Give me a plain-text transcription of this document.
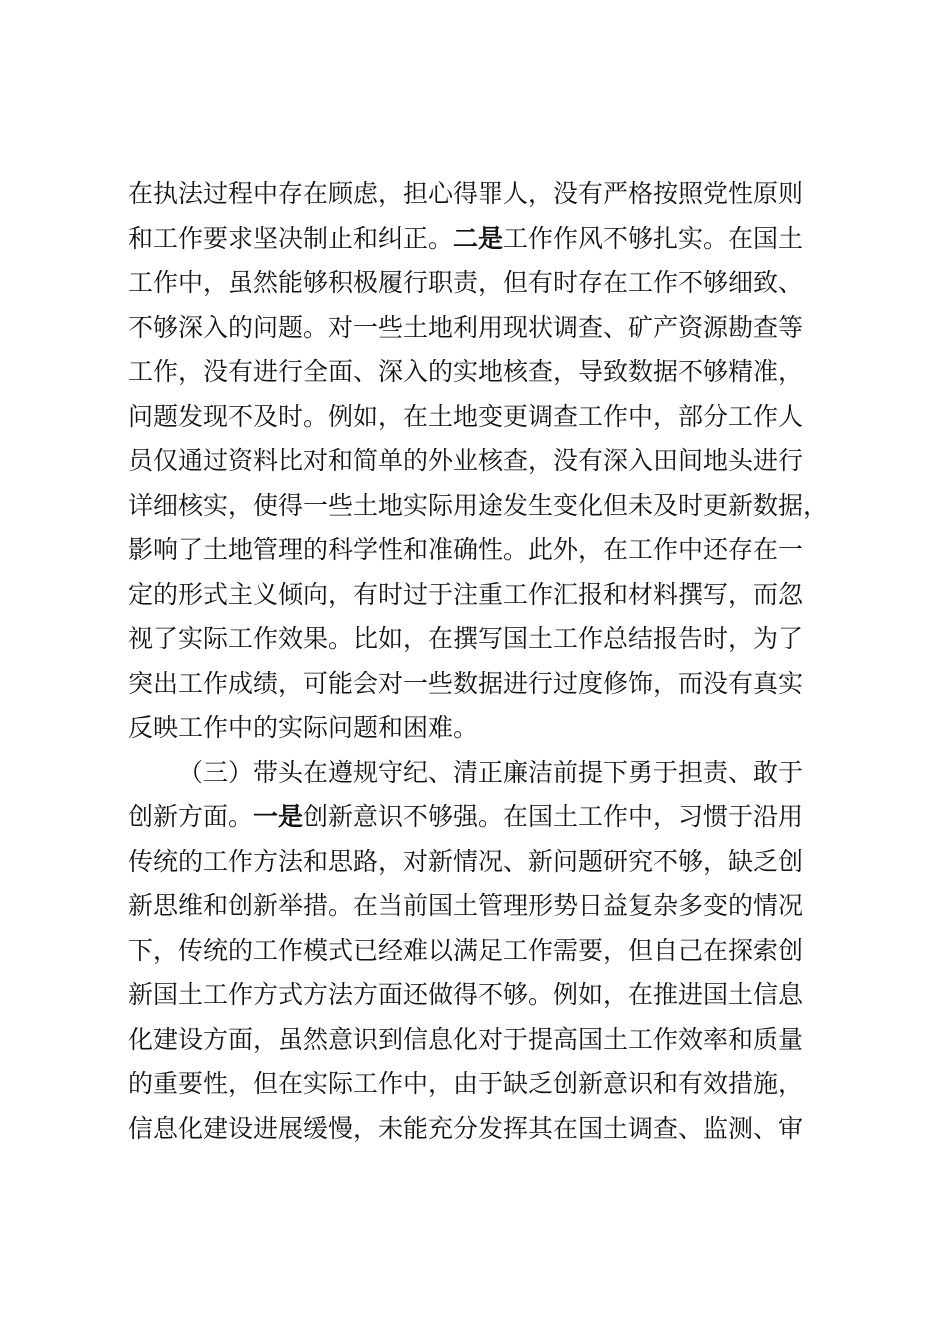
在执法过程中存在顾虑，担心得罪人，没有严格按照党性原则
和工作要求坚决制止和纠正。二是工作作风不够扎实。在国土
工作中，虽然能够积极履行职责，但有时存在工作不够细致、
不够深入的问题。对一些土地利用现状调查、矿产资源勘查等
工作，没有进行全面、深入的实地核查，导致数据不够精准，
问题发现不及时。例如，在土地变更调查工作中，部分工作人
员仅通过资料比对和简单的外业核查，没有深入田间地头进行
详细核实，使得一些土地实际用途发生变化但未及时更新数据，
影响了土地管理的科学性和准确性。此外，在工作中还存在一
定的形式主义倾向，有时过于注重工作汇报和材料撰写，而忽
视了实际工作效果。比如，在撰写国土工作总结报告时，为了
突出工作成绩，可能会对一些数据进行过度修饰，而没有真实
反映工作中的实际问题和困难。
（三）带头在遵规守纪、清正廉洁前提下勇于担责、敢于
创新方面。一是创新意识不够强。在国土工作中，习惯于沿用
传统的工作方法和思路，对新情况、新问题研究不够，缺乏创
新思维和创新举措。在当前国土管理形势日益复杂多变的情况
下，传统的工作模式已经难以满足工作需要，但自己在探索创
新国土工作方式方法方面还做得不够。例如，在推进国土信息
化建设方面，虽然意识到信息化对于提高国土工作效率和质量
的重要性，但在实际工作中，由于缺乏创新意识和有效措施，
信息化建设进展缓慢，未能充分发挥其在国土调查、监测、审
